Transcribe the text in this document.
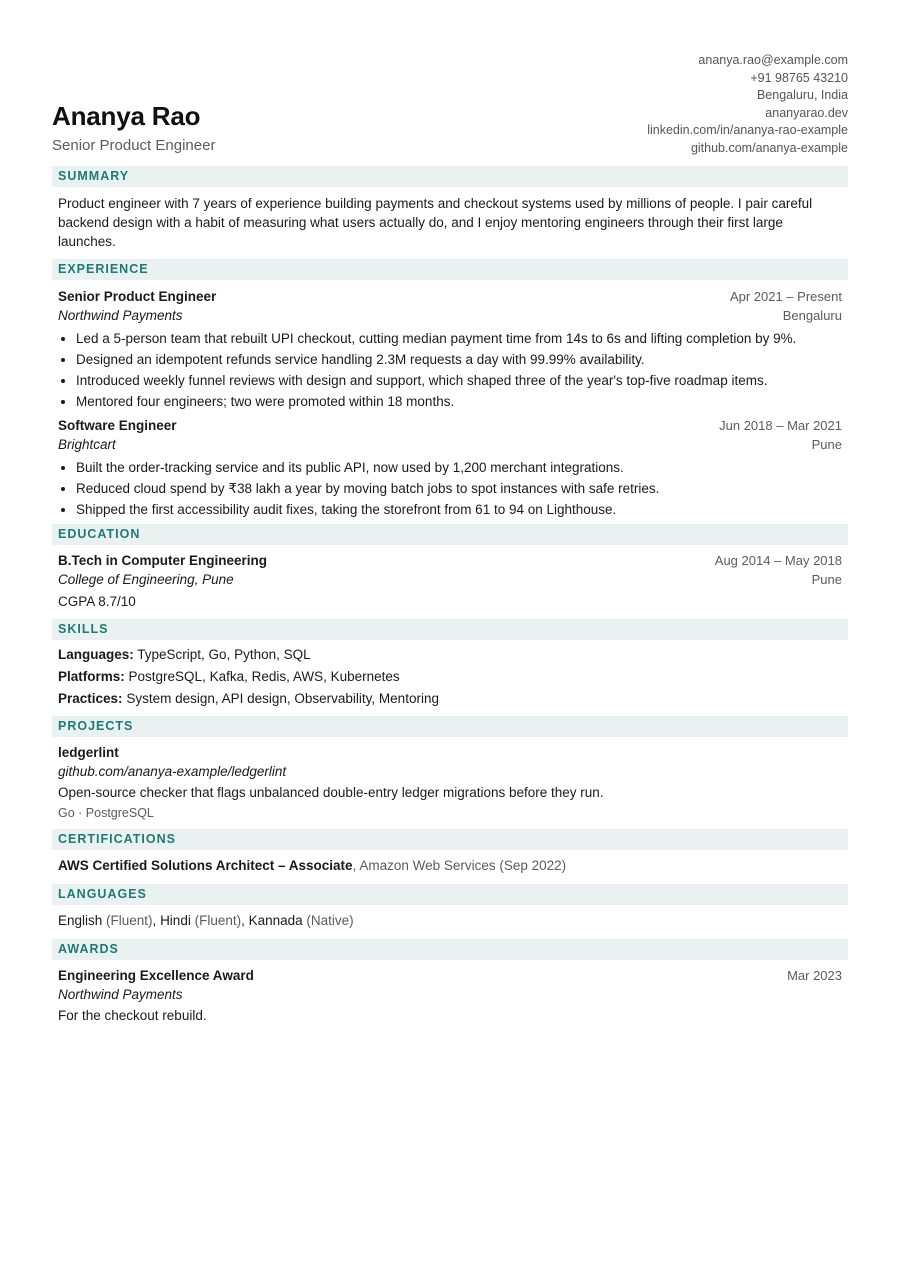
Ananya Rao
Senior Product Engineer
ananya.rao@example.com
+91 98765 43210
Bengaluru, India
ananyarao.dev
linkedin.com/in/ananya-rao-example
github.com/ananya-example
SUMMARY

Product engineer with 7 years of experience building payments and checkout systems used by millions of people. I pair careful backend design with a habit of measuring what users actually do, and I enjoy mentoring engineers through their first large launches.

EXPERIENCE
Senior Product Engineer	Apr 2021 – Present
Northwind Payments	Bengaluru
• Led a 5-person team that rebuilt UPI checkout, cutting median payment time from 14s to 6s and lifting completion by 9%.
• Designed an idempotent refunds service handling 2.3M requests a day with 99.99% availability.
• Introduced weekly funnel reviews with design and support, which shaped three of the year's top-five roadmap items.
• Mentored four engineers; two were promoted within 18 months.
Software Engineer	Jun 2018 – Mar 2021
Brightcart	Pune
• Built the order-tracking service and its public API, now used by 1,200 merchant integrations.
• Reduced cloud spend by ₹38 lakh a year by moving batch jobs to spot instances with safe retries.
• Shipped the first accessibility audit fixes, taking the storefront from 61 to 94 on Lighthouse.
EDUCATION
B.Tech in Computer Engineering	Aug 2014 – May 2018
College of Engineering, Pune	Pune
CGPA 8.7/10
SKILLS
Languages: TypeScript, Go, Python, SQL
Platforms: PostgreSQL, Kafka, Redis, AWS, Kubernetes
Practices: System design, API design, Observability, Mentoring
PROJECTS
ledgerlint
github.com/ananya-example/ledgerlint
Open-source checker that flags unbalanced double-entry ledger migrations before they run.
Go · PostgreSQL
CERTIFICATIONS
AWS Certified Solutions Architect – Associate, Amazon Web Services (Sep 2022)
LANGUAGES
English (Fluent), Hindi (Fluent), Kannada (Native)
AWARDS
Engineering Excellence Award	Mar 2023
Northwind Payments
For the checkout rebuild.
